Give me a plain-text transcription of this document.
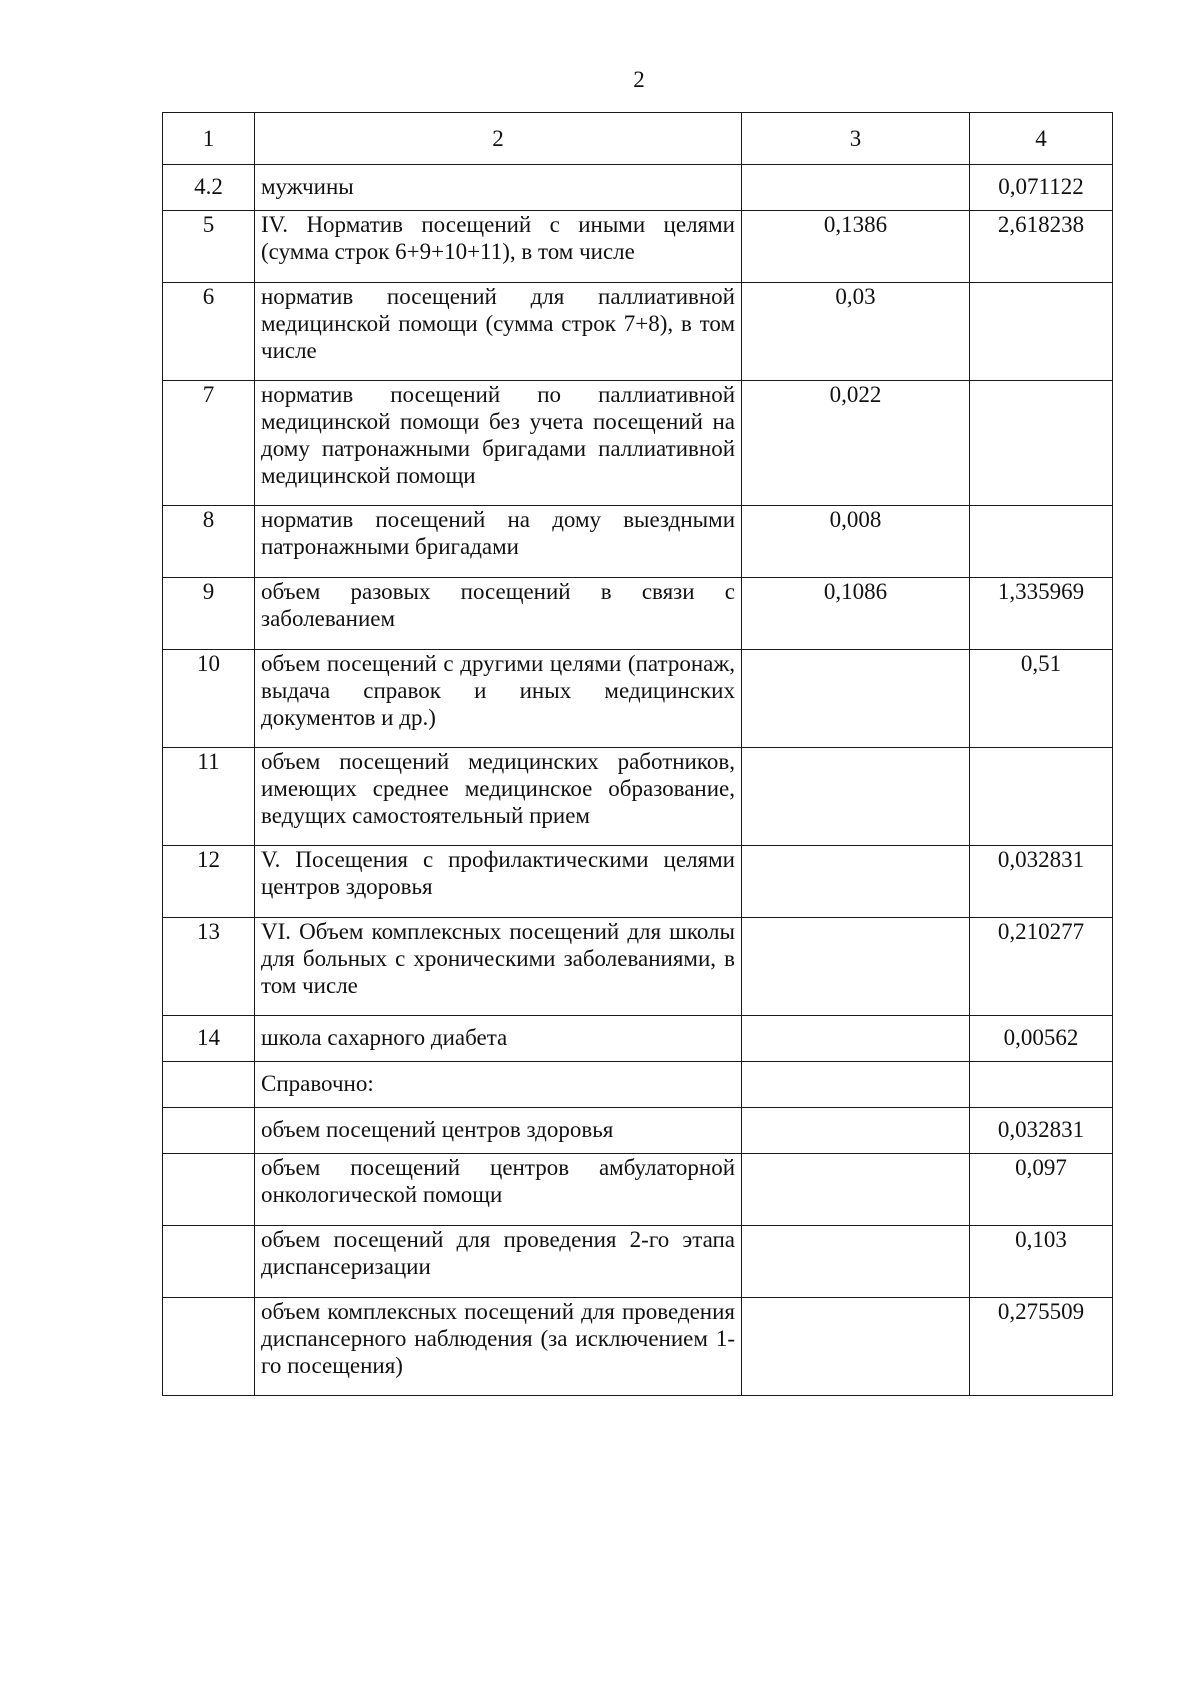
2
1	2	3	4
4.2	мужчины		0,071122
5	IV. Норматив посещений с иными целями (сумма строк 6+9+10+11), в том числе	0,1386	2,618238
6	норматив посещений для паллиативной медицинской помощи (сумма строк 7+8), в том числе	0,03	
7	норматив посещений по паллиативной медицинской помощи без учета посещений на дому патронажными бригадами паллиативной медицинской помощи	0,022	
8	норматив посещений на дому выездными патронажными бригадами	0,008	
9	объем разовых посещений в связи с заболеванием	0,1086	1,335969
10	объем посещений с другими целями (патронаж, выдача справок и иных медицинских документов и др.)		0,51
11	объем посещений медицинских работников, имеющих среднее медицинское образование, ведущих самостоятельный прием		
12	V. Посещения с профилактическими целями центров здоровья		0,032831
13	VI. Объем комплексных посещений для школы для больных с хроническими заболеваниями, в том числе		0,210277
14	школа сахарного диабета		0,00562
	Справочно:		
	объем посещений центров здоровья		0,032831
	объем посещений центров амбулаторной онкологической помощи		0,097
	объем посещений для проведения 2-го этапа диспансеризации		0,103
	объем комплексных посещений для проведения диспансерного наблюдения (за исключением 1-го посещения)		0,275509
